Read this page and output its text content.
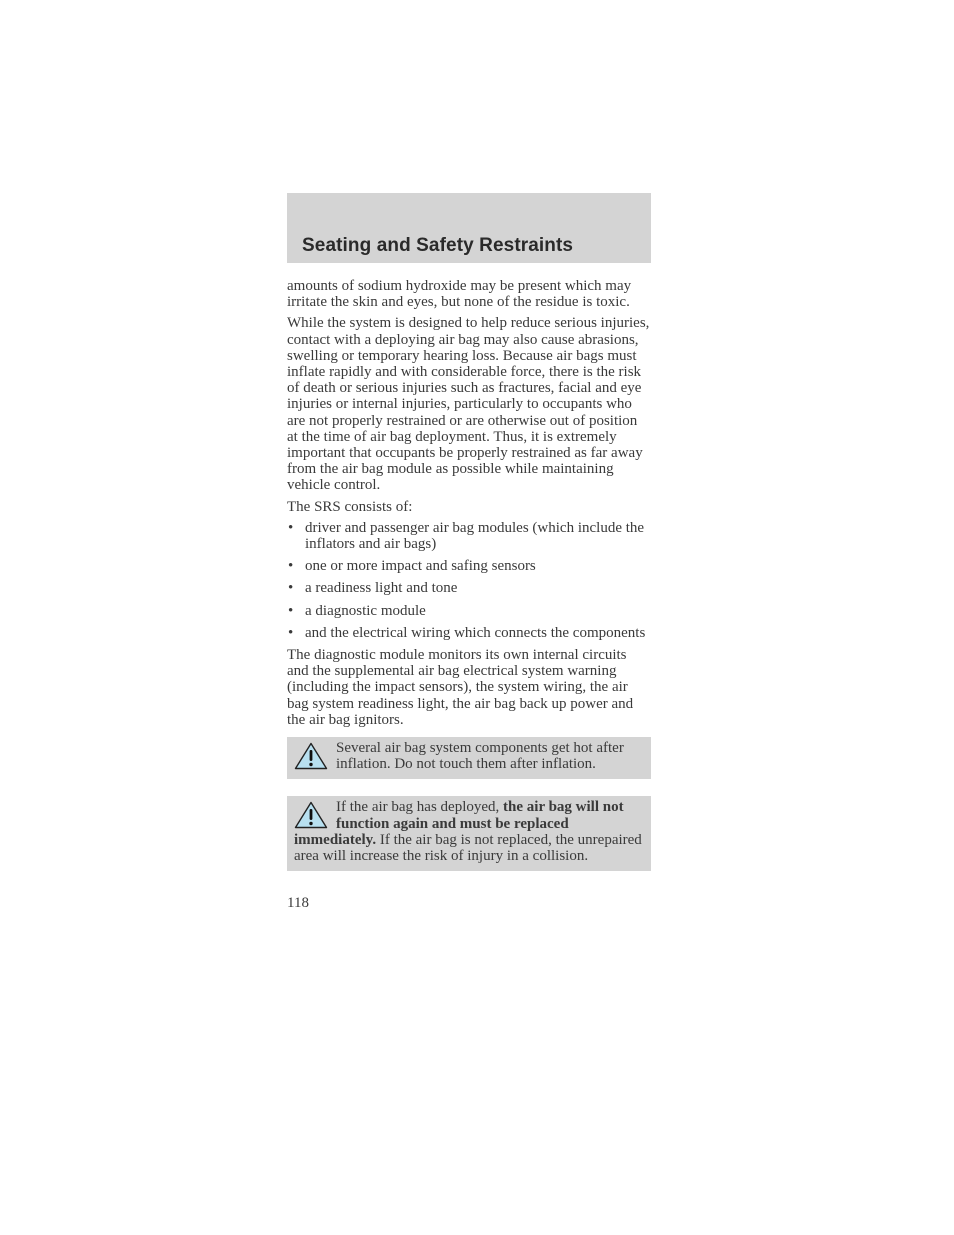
Seating and Safety Restraints

amounts of sodium hydroxide may be present which may irritate the skin and eyes, but none of the residue is toxic.

While the system is designed to help reduce serious injuries, contact with a deploying air bag may also cause abrasions, swelling or temporary hearing loss. Because air bags must inflate rapidly and with considerable force, there is the risk of death or serious injuries such as fractures, facial and eye injuries or internal injuries, particularly to occupants who are not properly restrained or are otherwise out of position at the time of air bag deployment. Thus, it is extremely important that occupants be properly restrained as far away from the air bag module as possible while maintaining vehicle control.

The SRS consists of:

• driver and passenger air bag modules (which include the inflators and air bags)
• one or more impact and safing sensors
• a readiness light and tone
• a diagnostic module
• and the electrical wiring which connects the components

The diagnostic module monitors its own internal circuits and the supplemental air bag electrical system warning (including the impact sensors), the system wiring, the air bag system readiness light, the air bag back up power and the air bag ignitors.

Several air bag system components get hot after inflation. Do not touch them after inflation.
If the air bag has deployed, the air bag will not function again and must be replaced immediately. If the air bag is not replaced, the unrepaired area will increase the risk of injury in a collision.
118
